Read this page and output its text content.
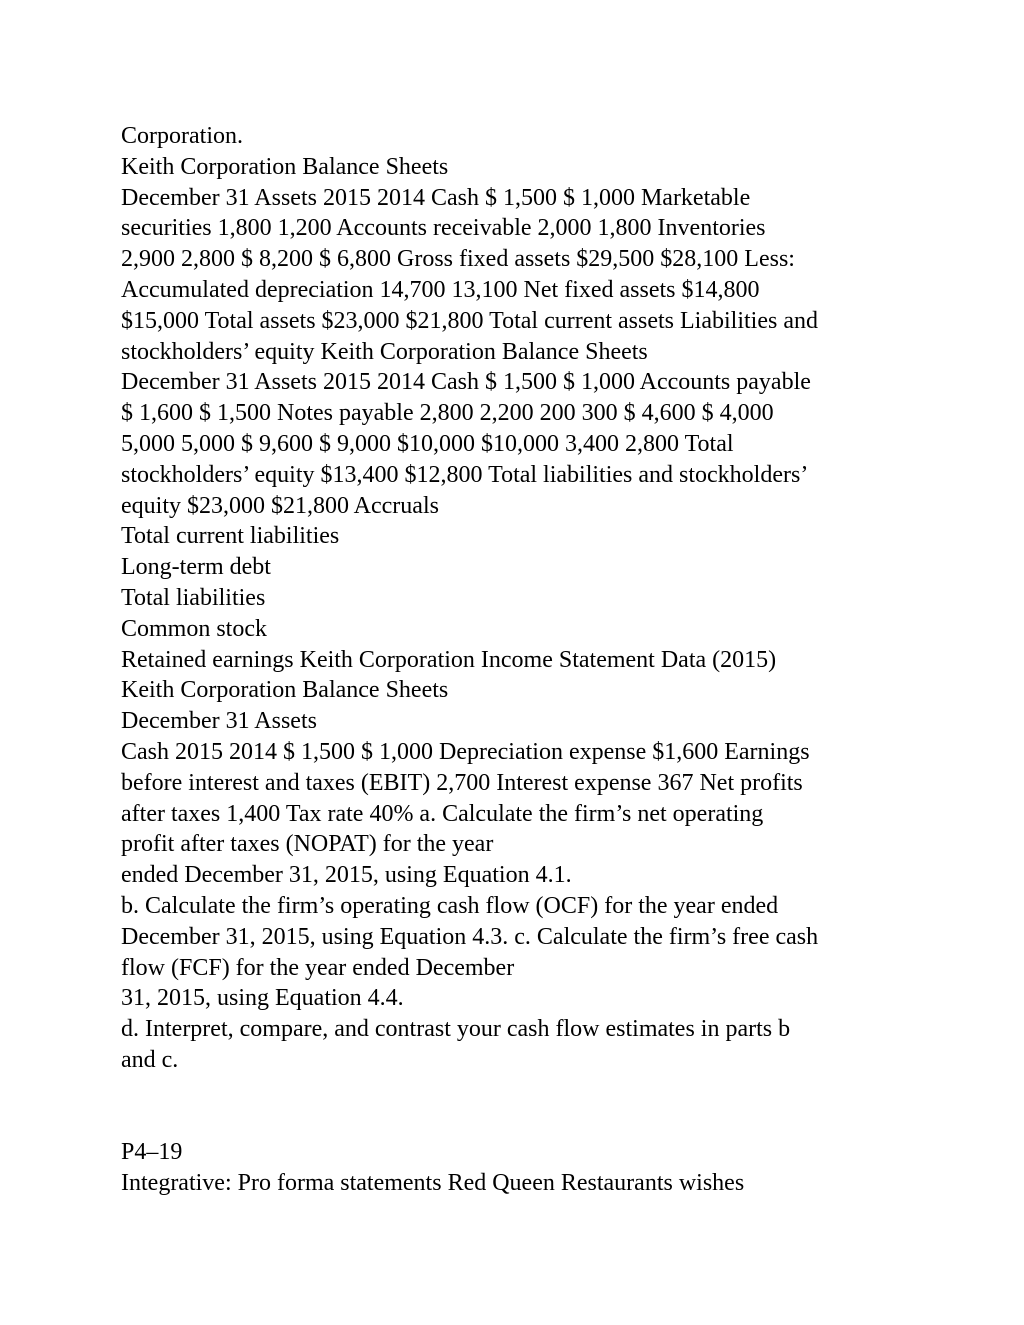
Corporation.
Keith Corporation Balance Sheets
December 31 Assets 2015 2014 Cash $ 1,500 $ 1,000 Marketable
securities 1,800 1,200 Accounts receivable 2,000 1,800 Inventories
2,900 2,800 $ 8,200 $ 6,800 Gross fixed assets $29,500 $28,100 Less:
Accumulated depreciation 14,700 13,100 Net fixed assets $14,800
$15,000 Total assets $23,000 $21,800 Total current assets Liabilities and
stockholders’ equity Keith Corporation Balance Sheets
December 31 Assets 2015 2014 Cash $ 1,500 $ 1,000 Accounts payable
$ 1,600 $ 1,500 Notes payable 2,800 2,200 200 300 $ 4,600 $ 4,000
5,000 5,000 $ 9,600 $ 9,000 $10,000 $10,000 3,400 2,800 Total
stockholders’ equity $13,400 $12,800 Total liabilities and stockholders’
equity $23,000 $21,800 Accruals
Total current liabilities
Long-term debt
Total liabilities
Common stock
Retained earnings Keith Corporation Income Statement Data (2015)
Keith Corporation Balance Sheets
December 31 Assets
Cash 2015 2014 $ 1,500 $ 1,000 Depreciation expense $1,600 Earnings
before interest and taxes (EBIT) 2,700 Interest expense 367 Net profits
after taxes 1,400 Tax rate 40% a. Calculate the firm’s net operating
profit after taxes (NOPAT) for the year
ended December 31, 2015, using Equation 4.1.
b. Calculate the firm’s operating cash flow (OCF) for the year ended
December 31, 2015, using Equation 4.3. c. Calculate the firm’s free cash
flow (FCF) for the year ended December
31, 2015, using Equation 4.4.
d. Interpret, compare, and contrast your cash flow estimates in parts b
and c.
P4–19
Integrative: Pro forma statements Red Queen Restaurants wishes
